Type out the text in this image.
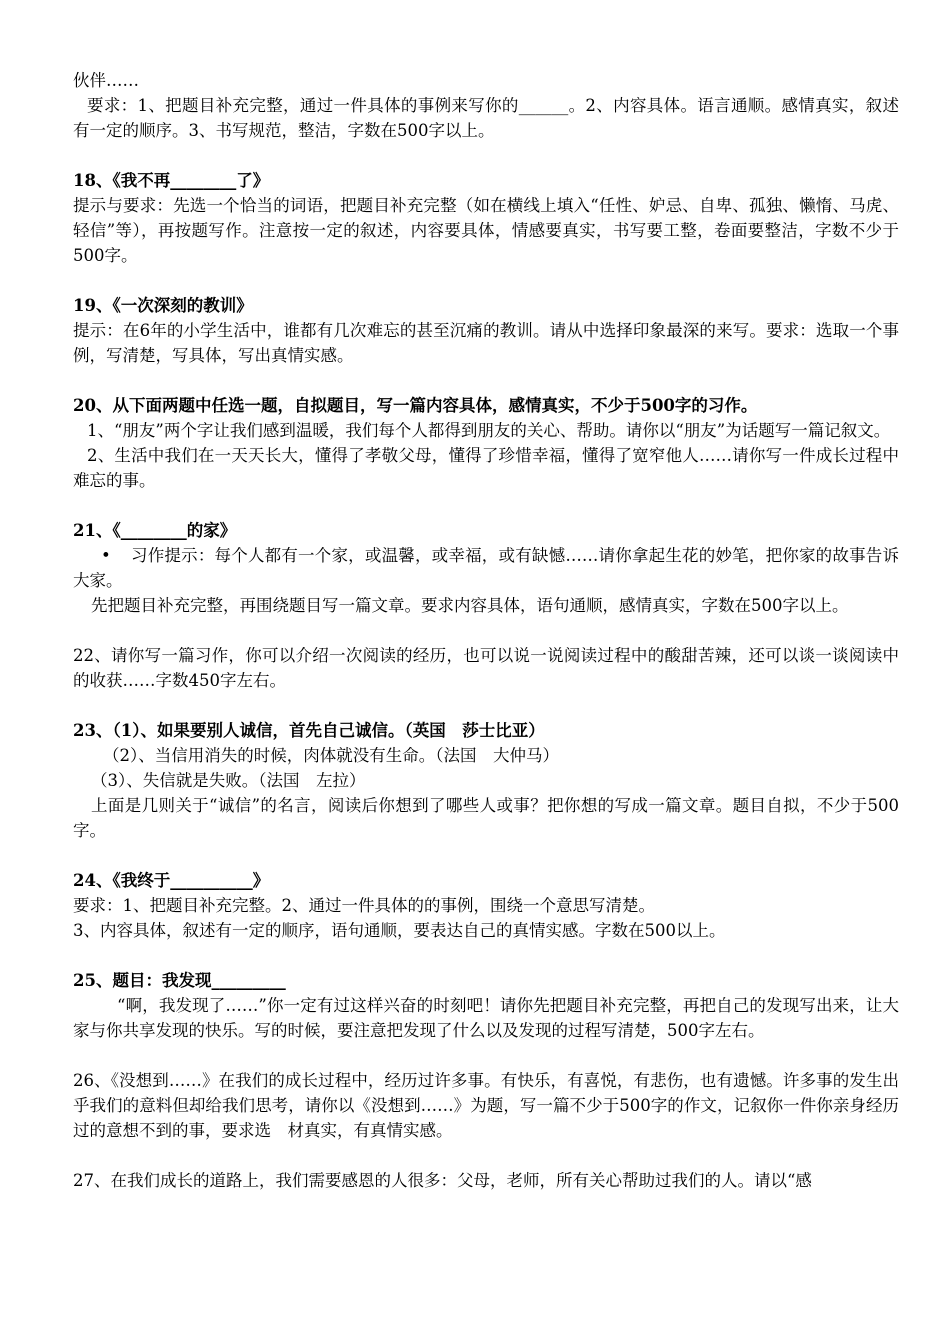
伙伴……

要求：1、把题目补充完整，通过一件具体的事例来写你的______。2、内容具体。语言通顺。感情真实，叙述有一定的顺序。3、书写规范，整洁，字数在500字以上。

18、《我不再________了》

提示与要求：先选一个恰当的词语，把题目补充完整（如在横线上填入“任性、妒忌、自卑、孤独、懒惰、马虎、轻信”等），再按题写作。注意按一定的叙述，内容要具体，情感要真实，书写要工整，卷面要整洁，字数不少于500字。

19、《一次深刻的教训》

提示：在6年的小学生活中，谁都有几次难忘的甚至沉痛的教训。请从中选择印象最深的来写。要求：选取一个事例，写清楚，写具体，写出真情实感。

20、从下面两题中任选一题，自拟题目，写一篇内容具体，感情真实，不少于500字的习作。

1、“朋友”两个字让我们感到温暖，我们每个人都得到朋友的关心、帮助。请你以“朋友”为话题写一篇记叙文。

2、生活中我们在一天天长大，懂得了孝敬父母，懂得了珍惜幸福，懂得了宽窄他人……请你写一件成长过程中难忘的事。

21、《________的家》

• 习作提示：每个人都有一个家，或温馨，或幸福，或有缺憾……请你拿起生花的妙笔，把你家的故事告诉大家。

先把题目补充完整，再围绕题目写一篇文章。要求内容具体，语句通顺，感情真实，字数在500字以上。

22、请你写一篇习作，你可以介绍一次阅读的经历，也可以说一说阅读过程中的酸甜苦辣，还可以谈一谈阅读中的收获……字数450字左右。

23、（1）、如果要别人诚信，首先自己诚信。（英国　莎士比亚）

（2）、当信用消失的时候，肉体就没有生命。（法国　大仲马）

（3）、失信就是失败。（法国　左拉）

上面是几则关于“诚信”的名言，阅读后你想到了哪些人或事？把你想的写成一篇文章。题目自拟，不少于500字。

24、《我终于__________》

要求：1、把题目补充完整。2、通过一件具体的的事例，围绕一个意思写清楚。

3、内容具体，叙述有一定的顺序，语句通顺，要表达自己的真情实感。字数在500以上。

25、题目：我发现_________

“啊，我发现了……”你一定有过这样兴奋的时刻吧！请你先把题目补充完整，再把自己的发现写出来，让大家与你共享发现的快乐。写的时候，要注意把发现了什么以及发现的过程写清楚，500字左右。

26、《没想到……》在我们的成长过程中，经历过许多事。有快乐，有喜悦，有悲伤，也有遗憾。许多事的发生出乎我们的意料但却给我们思考，请你以《没想到……》为题，写一篇不少于500字的作文，记叙你一件你亲身经历过的意想不到的事，要求选　材真实，有真情实感。

27、在我们成长的道路上，我们需要感恩的人很多：父母，老师，所有关心帮助过我们的人。请以“感
